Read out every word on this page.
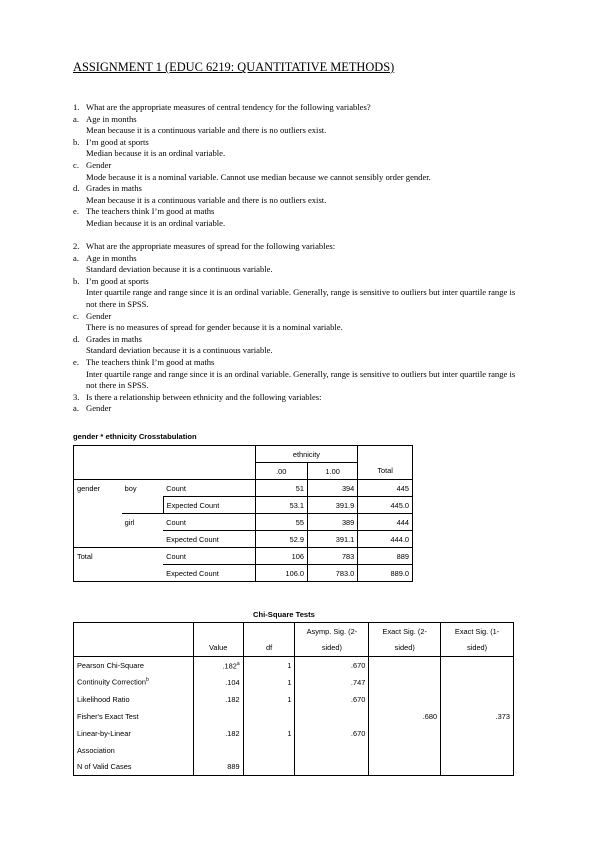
ASSIGNMENT 1 (EDUC 6219: QUANTITATIVE METHODS)
1. What are the appropriate measures of central tendency for the following variables?
a. Age in months
Mean because it is a continuous variable and there is no outliers exist.
b. I’m good at sports
Median because it is an ordinal variable.
c. Gender
Mode because it is a nominal variable. Cannot use median because we cannot sensibly order gender.
d. Grades in maths
Mean because it is a continuous variable and there is no outliers exist.
e. The teachers think I’m good at maths
Median because it is an ordinal variable.
2. What are the appropriate measures of spread for the following variables:
a. Age in months
Standard deviation because it is a continuous variable.
b. I’m good at sports
Inter quartile range and range since it is an ordinal variable. Generally, range is sensitive to outliers but inter quartile range is not there in SPSS.
c. Gender
There is no measures of spread for gender because it is a nominal variable.
d. Grades in maths
Standard deviation because it is a continuous variable.
e. The teachers think I’m good at maths
Inter quartile range and range since it is an ordinal variable. Generally, range is sensitive to outliers but inter quartile range is not there in SPSS.
3. Is there a relationship between ethnicity and the following variables:
a. Gender
gender * ethnicity Crosstabulation
			ethnicity		
			.00	1.00	Total
gender	boy	Count	51	394	445
		Expected Count	53.1	391.9	445.0
	girl	Count	55	389	444
		Expected Count	52.9	391.1	444.0
Total		Count	106	783	889
		Expected Count	106.0	783.0	889.0
Chi-Square Tests
			Asymp. Sig. (2-	Exact Sig. (2-	Exact Sig. (1-
	Value	df	sided)	sided)	sided)
Pearson Chi-Square	.182$^a$	1	.670		
Continuity Correction$^b$	.104	1	.747		
Likelihood Ratio	.182	1	.670		
Fisher's Exact Test				.680	.373
Linear-by-Linear	.182	1	.670		
Association					
N of Valid Cases	889				
